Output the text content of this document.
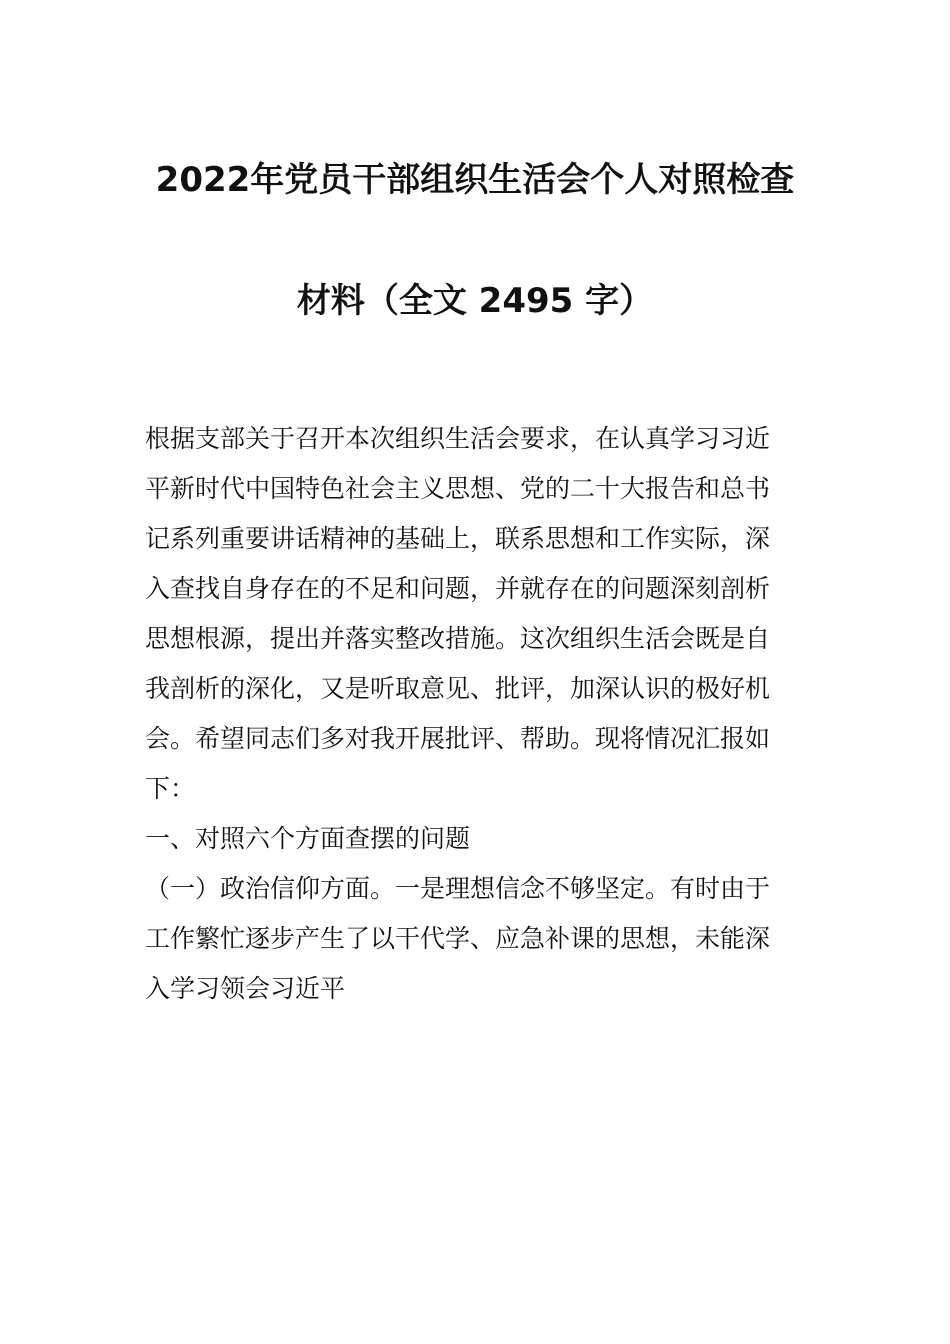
2022年党员干部组织生活会个人对照检查
材料（全文 2495 字）
根据支部关于召开本次组织生活会要求，在认真学习习近
平新时代中国特色社会主义思想、党的二十大报告和总书
记系列重要讲话精神的基础上，联系思想和工作实际，深
入查找自身存在的不足和问题，并就存在的问题深刻剖析
思想根源，提出并落实整改措施。这次组织生活会既是自
我剖析的深化，又是听取意见、批评，加深认识的极好机
会。希望同志们多对我开展批评、帮助。现将情况汇报如
下：
一、对照六个方面查摆的问题
（一）政治信仰方面。一是理想信念不够坚定。有时由于
工作繁忙逐步产生了以干代学、应急补课的思想，未能深
入学习领会习近平
